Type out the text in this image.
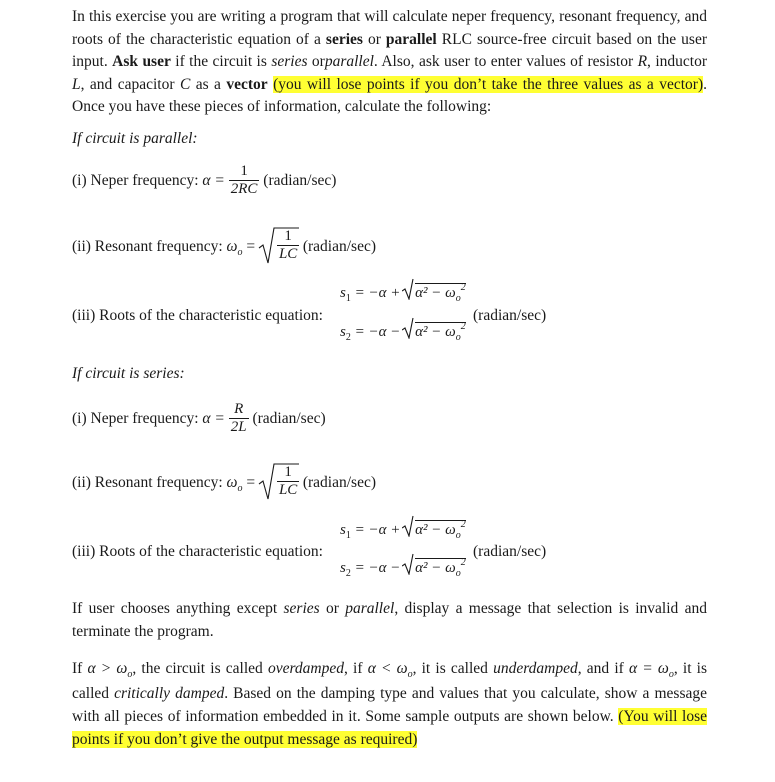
In this exercise you are writing a program that will calculate neper frequency, resonant frequency, and roots of the characteristic equation of a series or parallel RLC source-free circuit based on the user input. Ask user if the circuit is series orparallel. Also, ask user to enter values of resistor R, inductor L, and capacitor C as a vector (you will lose points if you don’t take the three values as a vector). Once you have these pieces of information, calculate the following:
If circuit is parallel:
(i) Neper frequency: $\alpha = \frac{1}{2RC}$ (radian/sec)
(ii) Resonant frequency: $\omega_o = \frac{1}{LC}$ (radian/sec)
(iii) Roots of the characteristic equation:
$s_1 = -\alpha + \alpha^2 - \omega_o^2$
$s_2 = -\alpha - \alpha^2 - \omega_o^2$
(radian/sec)
If circuit is series:
(i) Neper frequency: $\alpha = \frac{R}{2L}$ (radian/sec)
(ii) Resonant frequency: $\omega_o = \frac{1}{LC}$ (radian/sec)
(iii) Roots of the characteristic equation:
$s_1 = -\alpha + \alpha^2 - \omega_o^2$
$s_2 = -\alpha - \alpha^2 - \omega_o^2$
(radian/sec)
If user chooses anything except series or parallel, display a message that selection is invalid and terminate the program.
If $\alpha > \omega_o$, the circuit is called overdamped, if $\alpha < \omega_o$, it is called underdamped, and if $\alpha = \omega_o$, it is called critically damped. Based on the damping type and values that you calculate, show a message with all pieces of information embedded in it. Some sample outputs are shown below. (You will lose points if you don’t give the output message as required)
